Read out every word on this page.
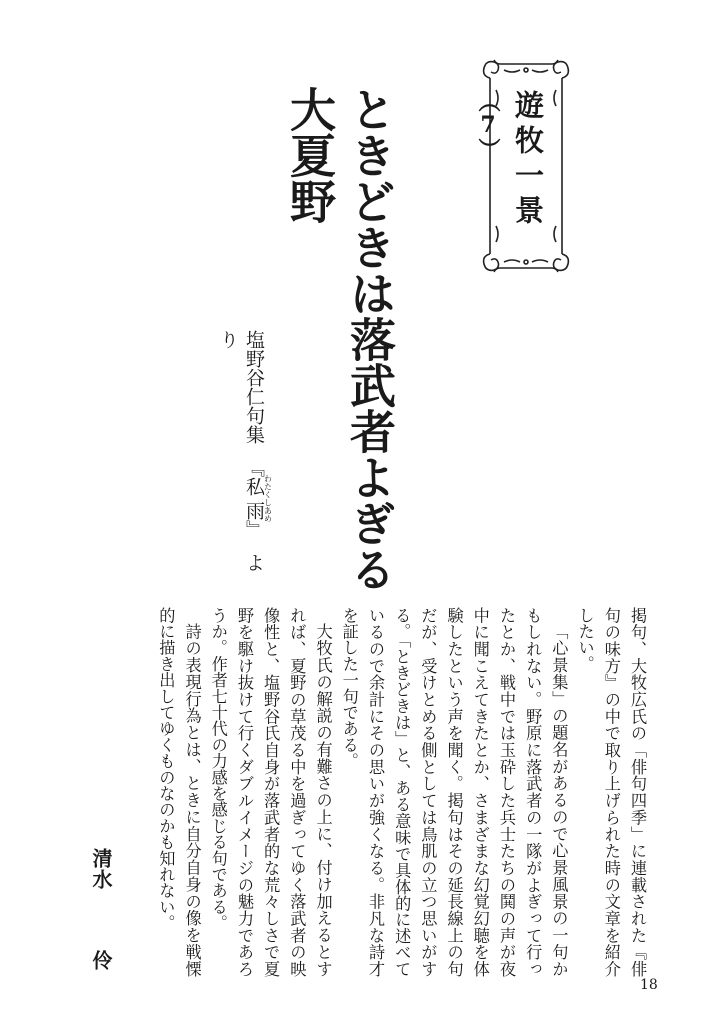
遊牧一景（7）
ときどきは落武者よぎる大夏野
塩野谷仁句集『私雨わたくしあめ』より

掲句、大牧広氏の「俳句四季」に連載された『俳句の味方』の中で取り上げられた時の文章を紹介したい。

「心景集」の題名があるので心景風景の一句かもしれない。野原に落武者の一隊がよぎって行ったとか、戦中では玉砕した兵士たちの鬨の声が夜中に聞こえてきたとか、さまざまな幻覚幻聴を体験したという声を聞く。掲句はその延長線上の句だが、受けとめる側としては鳥肌の立つ思いがする。「ときどきは」と、ある意味で具体的に述べているので余計にその思いが強くなる。非凡な詩才を証した一句である。

大牧氏の解説の有難さの上に、付け加えるとすれば、夏野の草茂る中を過ぎってゆく落武者の映像性と、塩野谷氏自身が落武者的な荒々しさで夏野を駆け抜けて行くダブルイメージの魅力であろうか。作者七十代の力感を感じる句である。

詩の表現行為とは、ときに自分自身の像を戦慄的に描き出してゆくものなのかも知れない。

清水伶
18
